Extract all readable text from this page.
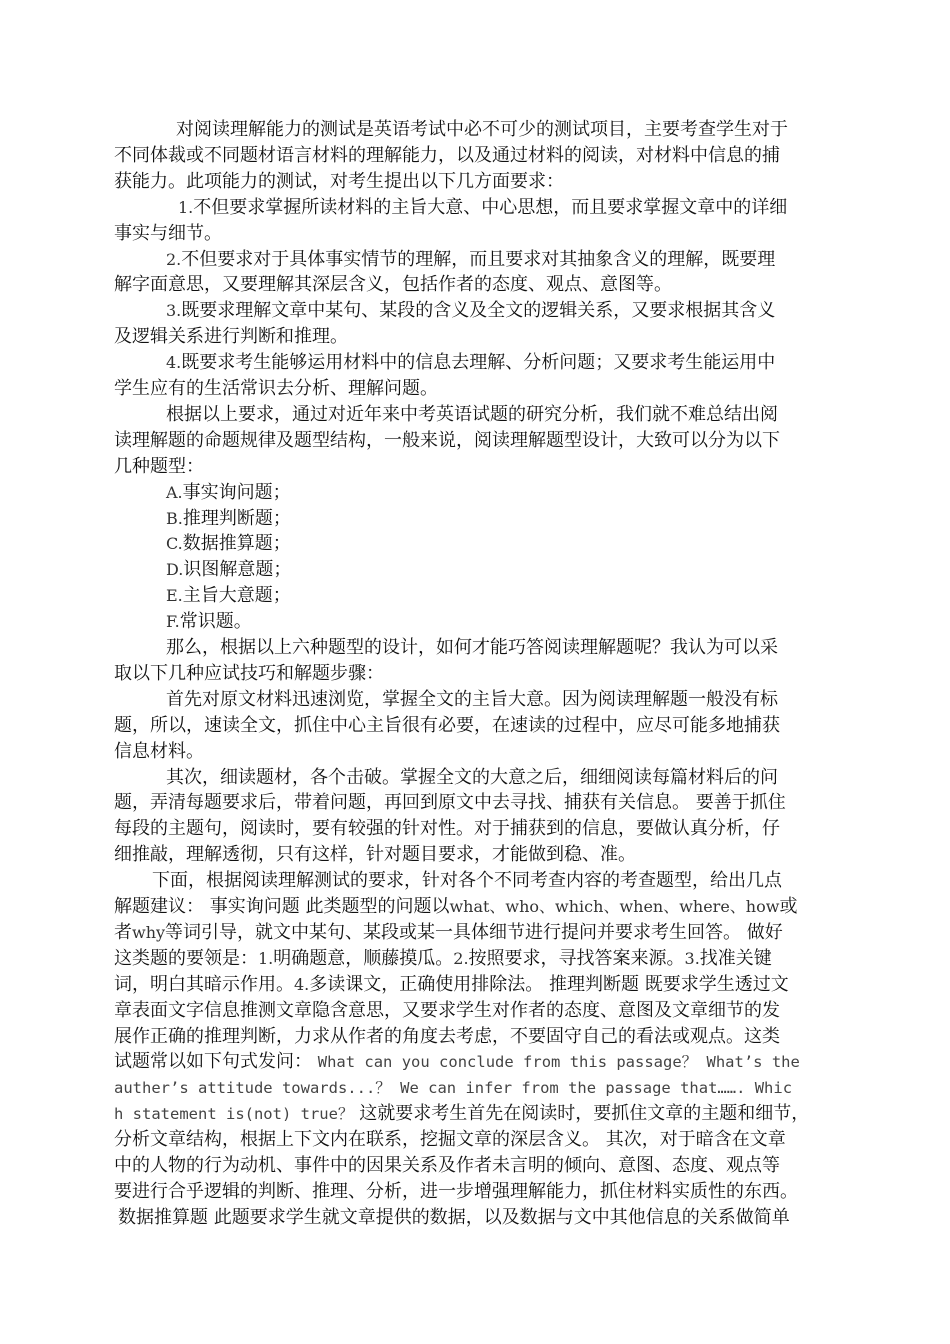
对阅读理解能力的测试是英语考试中必不可少的测试项目，主要考查学生对于
不同体裁或不同题材语言材料的理解能力，以及通过材料的阅读，对材料中信息的捕
获能力。此项能力的测试，对考生提出以下几方面要求：
1.不但要求掌握所读材料的主旨大意、中心思想，而且要求掌握文章中的详细
事实与细节。
2.不但要求对于具体事实情节的理解，而且要求对其抽象含义的理解，既要理
解字面意思，又要理解其深层含义，包括作者的态度、观点、意图等。
3.既要求理解文章中某句、某段的含义及全文的逻辑关系，又要求根据其含义
及逻辑关系进行判断和推理。
4.既要求考生能够运用材料中的信息去理解、分析问题；又要求考生能运用中
学生应有的生活常识去分析、理解问题。
根据以上要求，通过对近年来中考英语试题的研究分析，我们就不难总结出阅
读理解题的命题规律及题型结构，一般来说，阅读理解题型设计，大致可以分为以下
几种题型：
A.事实询问题；
B.推理判断题；
C.数据推算题；
D.识图解意题；
E.主旨大意题；
F.常识题。
那么，根据以上六种题型的设计，如何才能巧答阅读理解题呢？我认为可以采
取以下几种应试技巧和解题步骤：
首先对原文材料迅速浏览，掌握全文的主旨大意。因为阅读理解题一般没有标
题，所以，速读全文，抓住中心主旨很有必要，在速读的过程中，应尽可能多地捕获
信息材料。
其次，细读题材，各个击破。掌握全文的大意之后，细细阅读每篇材料后的问
题，弄清每题要求后，带着问题，再回到原文中去寻找、捕获有关信息。 要善于抓住
每段的主题句，阅读时，要有较强的针对性。对于捕获到的信息，要做认真分析，仔
细推敲，理解透彻，只有这样，针对题目要求，才能做到稳、准。
下面，根据阅读理解测试的要求，针对各个不同考查内容的考查题型，给出几点
解题建议： 事实询问题 此类题型的问题以what、who、which、when、where、how或
者why等词引导，就文中某句、某段或某一具体细节进行提问并要求考生回答。 做好
这类题的要领是：1.明确题意，顺藤摸瓜。2.按照要求，寻找答案来源。3.找准关键
词，明白其暗示作用。4.多读课文，正确使用排除法。 推理判断题 既要求学生透过文
章表面文字信息推测文章隐含意思，又要求学生对作者的态度、意图及文章细节的发
展作正确的推理判断，力求从作者的角度去考虑，不要固守自己的看法或观点。这类
试题常以如下句式发问： What can you conclude from this passage？ What’s the
auther’s attitude towards...？ We can infer from the passage that……. Whic
h statement is(not) true？ 这就要求考生首先在阅读时，要抓住文章的主题和细节，
分析文章结构，根据上下文内在联系，挖掘文章的深层含义。 其次，对于暗含在文章
中的人物的行为动机、事件中的因果关系及作者未言明的倾向、意图、态度、观点等
要进行合乎逻辑的判断、推理、分析，进一步增强理解能力，抓住材料实质性的东西。
数据推算题 此题要求学生就文章提供的数据，以及数据与文中其他信息的关系做简单
